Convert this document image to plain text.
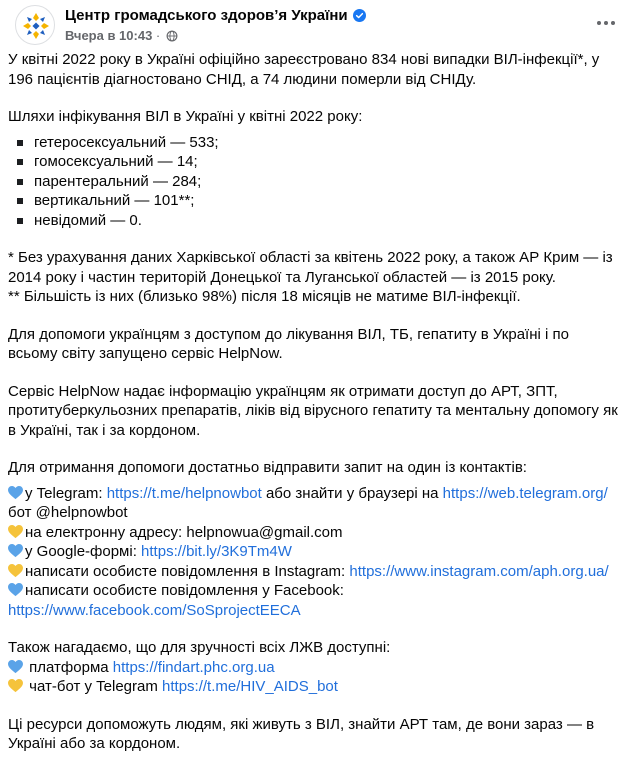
Центр громадського здоров’я України
Вчера в 10:43 ·

У квітні 2022 року в Україні офіційно зареєстровано 834 нові випадки ВІЛ-інфекції*, у 196 пацієнтів діагностовано СНІД, а 74 людини померли від СНІДу.

Шляхи інфікування ВІЛ в Україні у квітні 2022 року:

гетеросексуальний — 533;
гомосексуальний — 14;
парентеральний — 284;
вертикальний — 101**;
невідомий — 0.

* Без урахування даних Харківської області за квітень 2022 року, а також АР Крим — із 2014 року і частин територій Донецької та Луганської областей — із 2015 року.
** Більшість із них (близько 98%) після 18 місяців не матиме ВІЛ-інфекції.

Для допомоги українцям з доступом до лікування ВІЛ, ТБ, гепатиту в Україні і по всьому світу запущено сервіс HelpNow.

Сервіс HelpNow надає інформацію українцям як отримати доступ до АРТ, ЗПТ, протитуберкульозних препаратів, ліків від вірусного гепатиту та ментальну допомогу як в Україні, так і за кордоном.

Для отримання допомоги достатньо відправити запит на один із контактів:

у Telegram: https://t.me/helpnowbot або знайти у браузері на https://web.telegram.org/ бот @helpnowbot
на електронну адресу: helpnowua@gmail.com
у Google-формі: https://bit.ly/3K9Tm4W
написати особисте повідомлення в Instagram: https://www.instagram.com/aph.org.ua/
написати особисте повідомлення у Facebook: https://www.facebook.com/SoSprojectEECA

Також нагадаємо, що для зручності всіх ЛЖВ доступні:
платформа https://findart.phc.org.ua
чат-бот у Telegram https://t.me/HIV_AIDS_bot

Ці ресурси допоможуть людям, які живуть з ВІЛ, знайти АРТ там, де вони зараз — в Україні або за кордоном.
